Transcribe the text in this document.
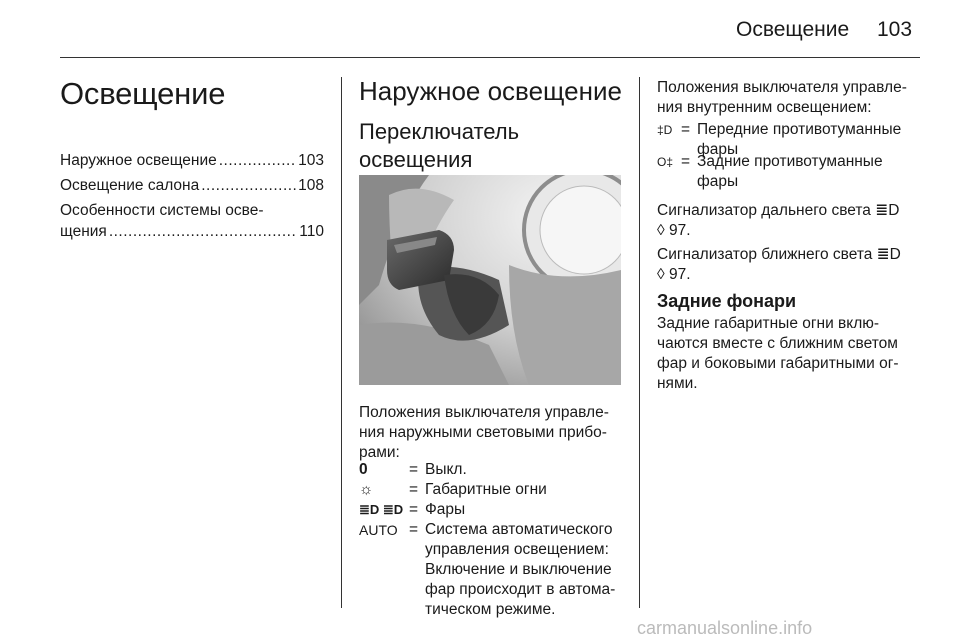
Освещение 103
Освещение
Наружное освещение .....	103
Освещение салона .....	108
Особенности системы осве-
щения .....	110
Наружное освещение
Переключатель
освещения
Положения выключателя управле-
ния наружными световыми прибо-
рами:
0	= Выкл.
☼	= Габаритные огни
≣D ≣D = Фары
AUTO = Система автоматического
управления освещением:
Включение и выключение
фар происходит в автома-
тическом режиме.
Положения выключателя управле-
ния внутренним освещением:
‡D = Передние противотуманные
фары
O‡ = Задние противотуманные
фары
Сигнализатор дальнего света ≣D
◊ 97.
Сигнализатор ближнего света ≣D
◊ 97.
Задние фонари
Задние габаритные огни вклю-
чаются вместе с ближним светом
фар и боковыми габаритными ог-
нями.
carmanualsonline.info
